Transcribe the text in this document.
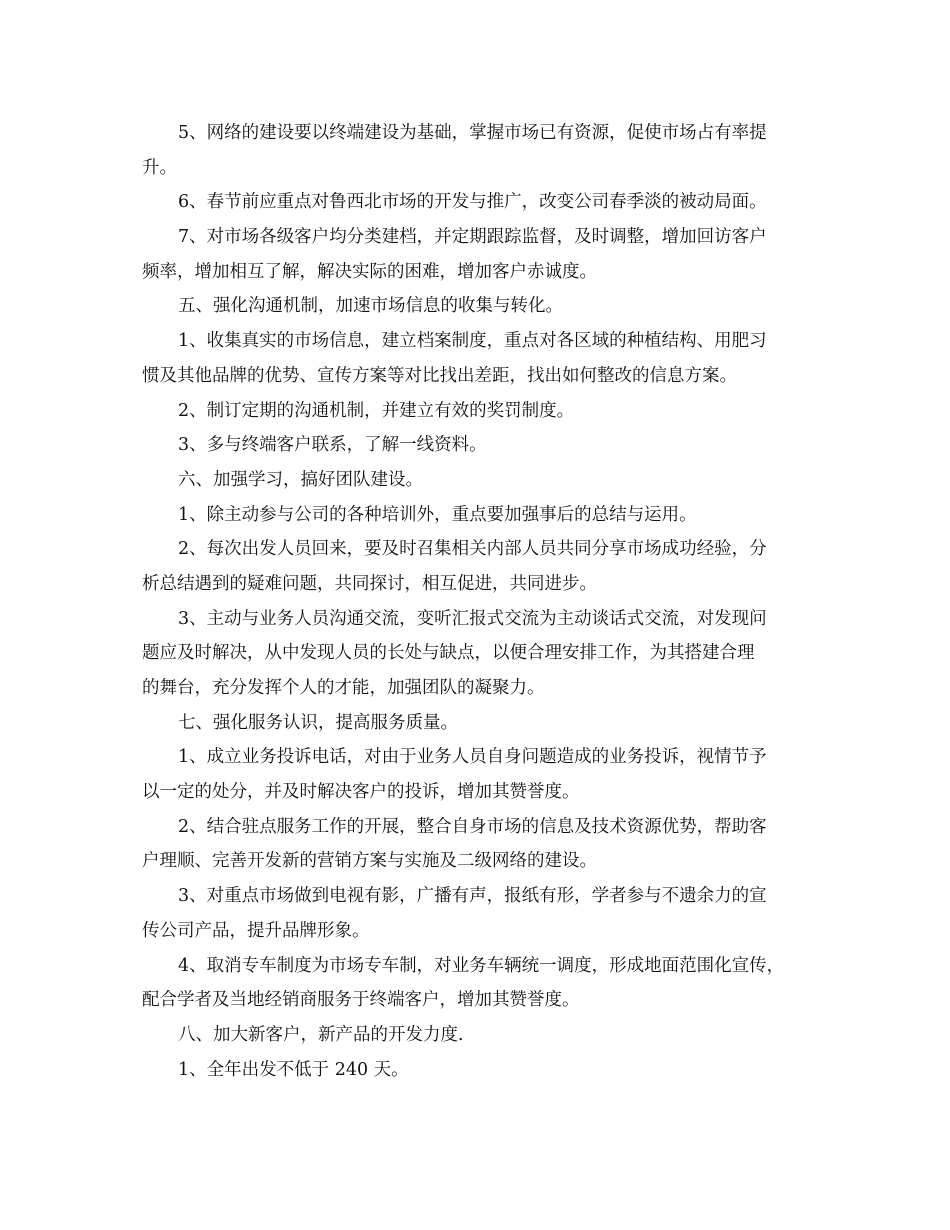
5、网络的建设要以终端建设为基础，掌握市场已有资源，促使市场占有率提
升。
6、春节前应重点对鲁西北市场的开发与推广，改变公司春季淡的被动局面。
7、对市场各级客户均分类建档，并定期跟踪监督，及时调整，增加回访客户
频率，增加相互了解，解决实际的困难，增加客户赤诚度。
五、强化沟通机制，加速市场信息的收集与转化。
1、收集真实的市场信息，建立档案制度，重点对各区域的种植结构、用肥习
惯及其他品牌的优势、宣传方案等对比找出差距，找出如何整改的信息方案。
2、制订定期的沟通机制，并建立有效的奖罚制度。
3、多与终端客户联系，了解一线资料。
六、加强学习，搞好团队建设。
1、除主动参与公司的各种培训外，重点要加强事后的总结与运用。
2、每次出发人员回来，要及时召集相关内部人员共同分享市场成功经验，分
析总结遇到的疑难问题，共同探讨，相互促进，共同进步。
3、主动与业务人员沟通交流，变听汇报式交流为主动谈话式交流，对发现问
题应及时解决，从中发现人员的长处与缺点，以便合理安排工作，为其搭建合理
的舞台，充分发挥个人的才能，加强团队的凝聚力。
七、强化服务认识，提高服务质量。
1、成立业务投诉电话，对由于业务人员自身问题造成的业务投诉，视情节予
以一定的处分，并及时解决客户的投诉，增加其赞誉度。
2、结合驻点服务工作的开展，整合自身市场的信息及技术资源优势，帮助客
户理顺、完善开发新的营销方案与实施及二级网络的建设。
3、对重点市场做到电视有影，广播有声，报纸有形，学者参与不遗余力的宣
传公司产品，提升品牌形象。
4、取消专车制度为市场专车制，对业务车辆统一调度，形成地面范围化宣传，
配合学者及当地经销商服务于终端客户，增加其赞誉度。
八、加大新客户，新产品的开发力度.
1、全年出发不低于 240 天。
